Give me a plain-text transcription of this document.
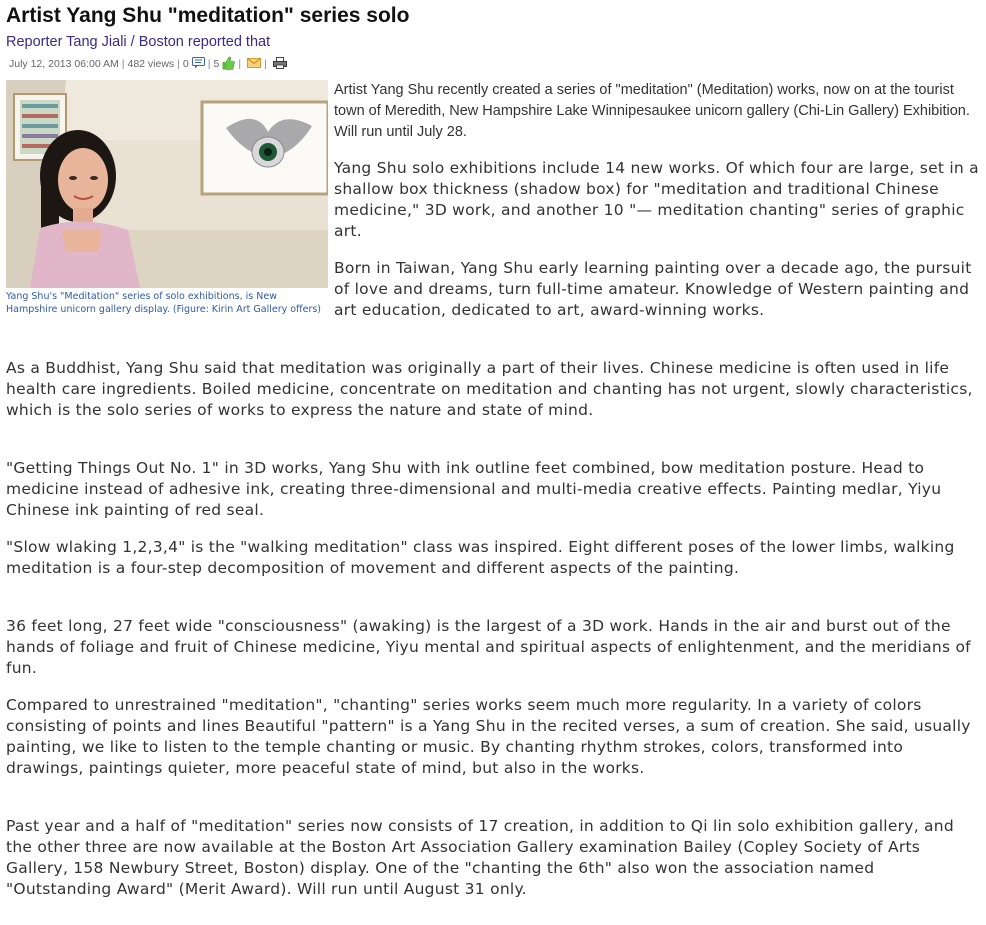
Artist Yang Shu "meditation" series solo
Reporter Tang Jiali / Boston reported that
July 12, 2013 06:00 AM | 482 views | 0 | 5 | |
Yang Shu's "Meditation" series of solo exhibitions, is New Hampshire unicorn gallery display. (Figure: Kirin Art Gallery offers)

Artist Yang Shu recently created a series of "meditation" (Meditation) works, now on at the tourist town of Meredith, New Hampshire Lake Winnipesaukee unicorn gallery (Chi-Lin Gallery) Exhibition. Will run until July 28.

Yang Shu solo exhibitions include 14 new works. Of which four are large, set in a shallow box thickness (shadow box) for "meditation and traditional Chinese medicine," 3D work, and another 10 "— meditation chanting" series of graphic art.

Born in Taiwan, Yang Shu early learning painting over a decade ago, the pursuit of love and dreams, turn full-time amateur. Knowledge of Western painting and art education, dedicated to art, award-winning works.

As a Buddhist, Yang Shu said that meditation was originally a part of their lives. Chinese medicine is often used in life health care ingredients. Boiled medicine, concentrate on meditation and chanting has not urgent, slowly characteristics, which is the solo series of works to express the nature and state of mind.

"Getting Things Out No. 1" in 3D works, Yang Shu with ink outline feet combined, bow meditation posture. Head to medicine instead of adhesive ink, creating three-dimensional and multi-media creative effects. Painting medlar, Yiyu Chinese ink painting of red seal.

"Slow wlaking 1,2,3,4" is the "walking meditation" class was inspired. Eight different poses of the lower limbs, walking meditation is a four-step decomposition of movement and different aspects of the painting.

36 feet long, 27 feet wide "consciousness" (awaking) is the largest of a 3D work. Hands in the air and burst out of the hands of foliage and fruit of Chinese medicine, Yiyu mental and spiritual aspects of enlightenment, and the meridians of fun.

Compared to unrestrained "meditation", "chanting" series works seem much more regularity. In a variety of colors consisting of points and lines Beautiful "pattern" is a Yang Shu in the recited verses, a sum of creation. She said, usually painting, we like to listen to the temple chanting or music. By chanting rhythm strokes, colors, transformed into drawings, paintings quieter, more peaceful state of mind, but also in the works.

Past year and a half of "meditation" series now consists of 17 creation, in addition to Qi lin solo exhibition gallery, and the other three are now available at the Boston Art Association Gallery examination Bailey (Copley Society of Arts Gallery, 158 Newbury Street, Boston) display. One of the "chanting the 6th" also won the association named "Outstanding Award" (Merit Award). Will run until August 31 only.
